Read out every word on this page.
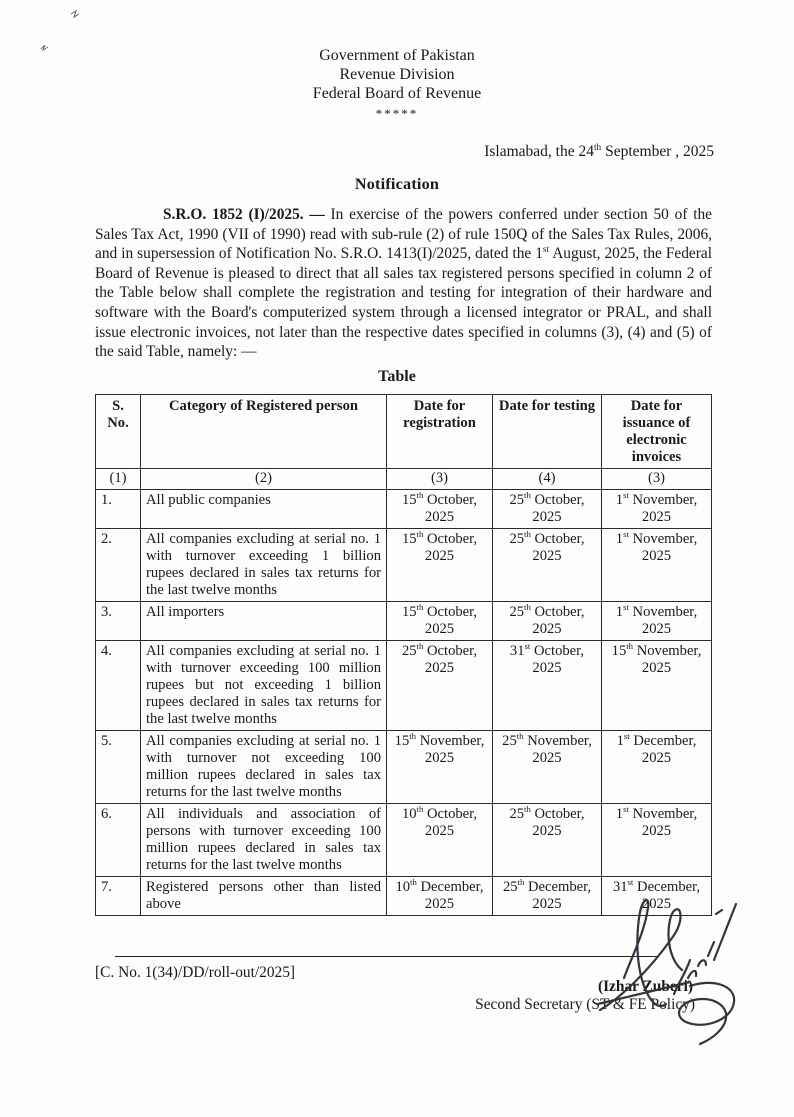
Government of Pakistan
Revenue Division
Federal Board of Revenue
*****
Islamabad, the 24th September , 2025
Notification

S.R.O. 1852 (I)/2025. — In exercise of the powers conferred under section 50 of the Sales Tax Act, 1990 (VII of 1990) read with sub-rule (2) of rule 150Q of the Sales Tax Rules, 2006, and in supersession of Notification No. S.R.O. 1413(I)/2025, dated the 1st August, 2025, the Federal Board of Revenue is pleased to direct that all sales tax registered persons specified in column 2 of the Table below shall complete the registration and testing for integration of their hardware and software with the Board's computerized system through a licensed integrator or PRAL, and shall issue electronic invoices, not later than the respective dates specified in columns (3), (4) and (5) of the said Table, namely: —

Table
S. No.	Category of Registered person	Date for registration	Date for testing	Date for issuance of electronic invoices
(1)	(2)	(3)	(4)	(3)
1.	All public companies	15th October, 2025	25th October, 2025	1st November, 2025
2.	All companies excluding at serial no. 1 with turnover exceeding 1 billion rupees declared in sales tax returns for the last twelve months	15th October, 2025	25th October, 2025	1st November, 2025
3.	All importers	15th October, 2025	25th October, 2025	1st November, 2025
4.	All companies excluding at serial no. 1 with turnover exceeding 100 million rupees but not exceeding 1 billion rupees declared in sales tax returns for the last twelve months	25th October, 2025	31st October, 2025	15th November, 2025
5.	All companies excluding at serial no. 1 with turnover not exceeding 100 million rupees declared in sales tax returns for the last twelve months	15th November, 2025	25th November, 2025	1st December, 2025
6.	All individuals and association of persons with turnover exceeding 100 million rupees declared in sales tax returns for the last twelve months	10th October, 2025	25th October, 2025	1st November, 2025
7.	Registered persons other than listed above	10th December, 2025	25th December, 2025	31st December, 2025
[C. No. 1(34)/DD/roll-out/2025]
(Izhar Zuberi)
Second Secretary (ST & FE Policy)
